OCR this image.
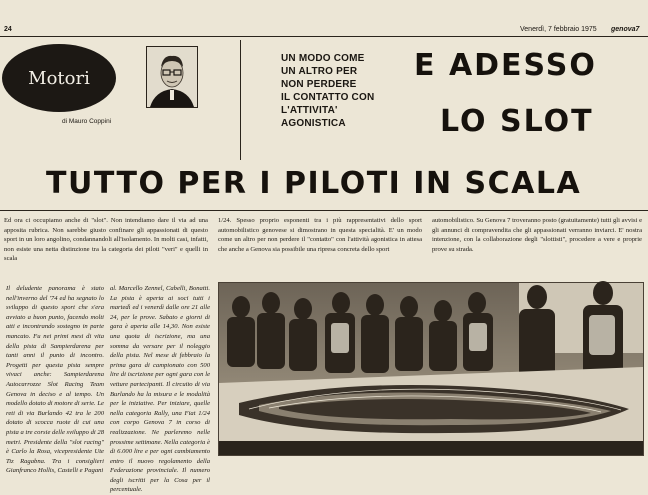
24	Venerdì, 7 febbraio 1975 genova7

Motori
di Mauro Coppini
UN MODO COME
UN ALTRO PER
NON PERDERE
IL CONTATTO CON
L'ATTIVITA'
AGONISTICA
E ADESSO
LO SLOT
TUTTO PER I PILOTI IN SCALA
Ed ora ci occupiamo anche di "slot". Non intendiamo dare il via ad una apposita rubrica. Non sarebbe giusto confinare gli appassionati di questo sport in un loro angolino, condannandoli all'isolamento. In molti casi, infatti, non esiste una netta distinzione tra la categoria dei piloti "veri" e quelli in scala
1/24. Spesso proprio esponenti tra i più rappresentativi dello sport automobilistico genovese si dimostrano in questa specialità. E' un modo come un altro per non perdere il "contatto" con l'attività agonistica in attesa che anche a Genova sia possibile una ripresa concreta dello sport
automobilistico. Su Genova 7 troveranno posto (gratuitamente) tutti gli avvisi e gli annunci di compravendita che gli appassionati verranno inviarci. E' nostra intenzione, con la collaborazione degli "slottisti", procedere a vere e proprie prove su strada.
Il deludente panorama è stato nell'inverno del '74 ed ha segnato lo sviluppo di questo sport che s'era avviato a buon punto, facendo molti atti e incontrando sostegno in parte mancato. Fu nei primi mesi di vita della pista di Sampierdarena per tanti anni il punto di incontro. Progetti per questa pista sempre vivaci anche: Sampierdarena Autocarrozze Slot Racing Team Genova in deciso e al tempo. Un modello dotato di motore di serie. Le reti di via Burlando 42 tra le 200 dotato di scocca ruote di cui una pista a tre corsie delle sviluppo di 28 metri. Presidente della "slot racing" è Carlo la Rosa, vicepresidente Ute Tiz Ragabna. Tra i consiglieri Gianfranco Hollis, Castelli e Pagani
al. Marcello Zennel, Cabelli, Bonatti. La pista è aperta ai soci tutti i martedì ed i venerdì dalle ore 21 alle 24, per le prove. Sabato e giorni di gara è aperta alle 14,30. Non esiste una quota di iscrizione, ma una somma da versare per il noleggio della pista. Nel mese di febbraio la prima gara di campionato con 500 lire di iscrizione per ogni gara con le vetture partecipanti. Il circuito di via Burlando ha la misura e le modalità per le iniziative. Per iniziare, quelle nella categoria Rally, una Fiat 1/24 con corpo Genova 7 in corso di realizzazione. Ne parleremo nelle prossime settimane. Nella categoria è di 6.000 lire e per ogni cambiamento entro il nuovo regolamento della Federazione provinciale. Il numero degli iscritti per la Cosa per il percentuale.
